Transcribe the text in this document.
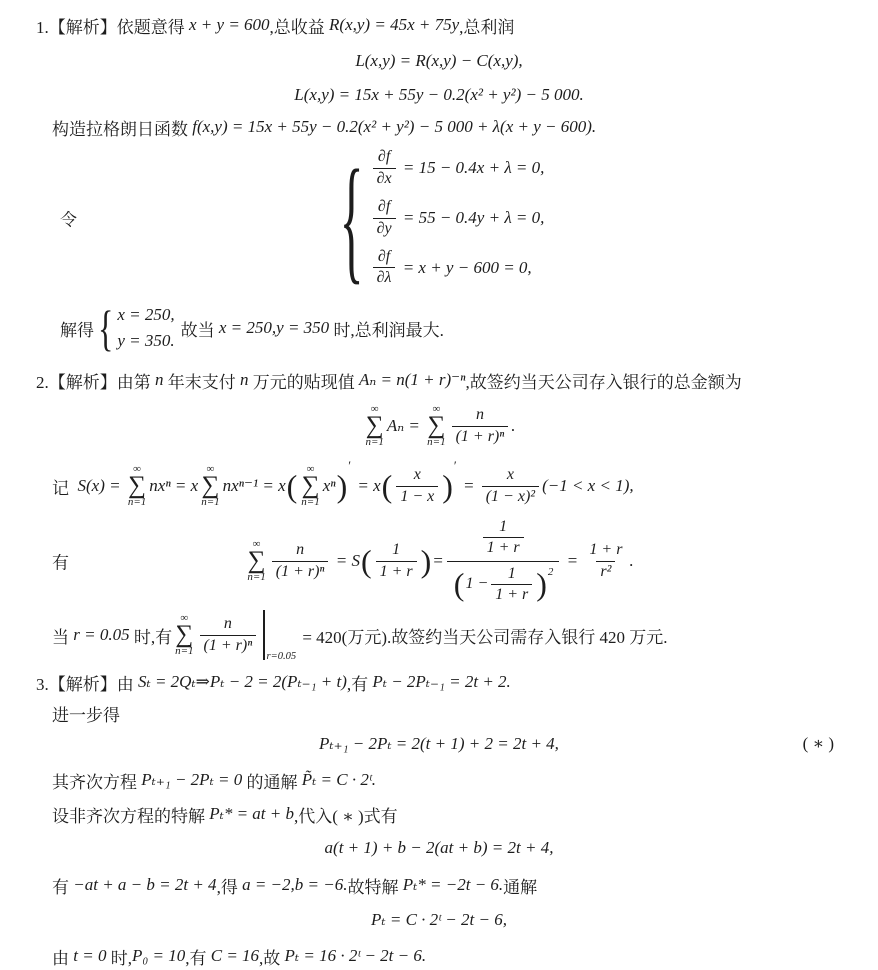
1.【解析】依题意得 x + y = 600 ,总收益 R(x,y) = 45x + 75y ,总利润
L(x,y) = R(x,y) − C(x,y),
L(x,y) = 15x + 55y − 0.2(x² + y²) − 5 000.
构造拉格朗日函数 f(x,y) = 15x + 55y − 0.2(x² + y²) − 5 000 + λ(x + y − 600).
令	{ $\frac{\partial f}{\partial x} = 15 - 0.4x + \lambda = 0$,
$\frac{\partial f}{\partial y} = 55 - 0.4y + \lambda = 0$,
$\frac{\partial f}{\partial\lambda} = x + y - 600 = 0$,
解得 { x = 250,
y = 350.
故当 x = 250,y = 350 时,总利润最大.
2.【解析】由第 n 年末支付 n 万元的贴现值 Aₙ = n(1 + r)⁻ⁿ ,故签约当天公司存入银行的总金额为
∞
∑
n=1
Aₙ =
∞
∑
$n=1 \frac{n}{\text{(1 + r)ⁿ}}$ .
记 S(x) =
∞
∑
n=1
nxⁿ = x
∞
∑
n=1
nxⁿ⁻¹ = x ( ∞
∑
n=1
xⁿ )
′
= x ( $\frac{x}{1 - x}$ )
′
= $\frac{x}{\text{(1 − x)²}} (-1 < x < 1)$,
有
∞
∑
$n=1 \frac{n}{\text{(1 + r)ⁿ}} = S$ ( $\frac{1}{1 + r}$ ) =
$\frac{1}{1 + r}$
( $1 - \frac{1}{1 + r} )^2$
= $\frac{1 + r}{\text{r²}}$ .
当 r = 0.05 时,有
∞
∑
$n=1 \frac{n}{\text{(1 + r)ⁿ}}$
r=0.05
= 420(万元). 故签约当天公司需存入银行 420 万元.
3.【解析】由 Sₜ = 2Qₜ⇒Pₜ − 2 = 2(Pₜ₋₁ + t) ,有 Pₜ − 2Pₜ₋₁ = 2t + 2.
进一步得
Pₜ₊₁ − 2Pₜ = 2(t + 1) + 2 = 2t + 4,	( ∗ )
其齐次方程 Pₜ₊₁ − 2Pₜ = 0 的通解 P̃ₜ = C · 2ᵗ.
设非齐次方程的特解 Pₜ* = at + b ,代入( ∗ )式有
a(t + 1) + b − 2(at + b) = 2t + 4,
有 −at + a − b = 2t + 4 ,得 a = −2,b = −6. 故特解 Pₜ* = −2t − 6. 通解
Pₜ = C · 2ᵗ − 2t − 6,
由 t = 0 时, P₀ = 10 ,有 C = 16 ,故 Pₜ = 16 · 2ᵗ − 2t − 6.
